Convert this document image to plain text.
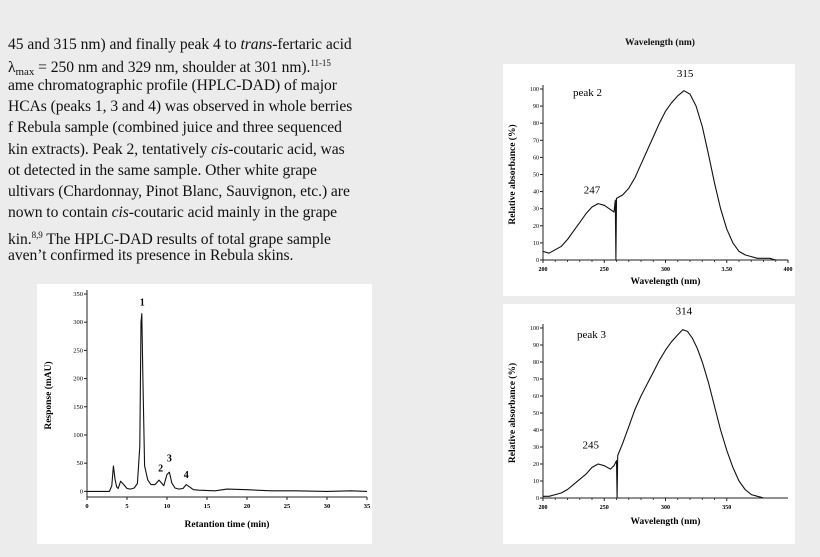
45 and 315 nm) and finally peak 4 to trans-fertaric acid
$\lambda_{max} = 250$ nm and 329 nm, shoulder at 301 nm).$^{11-15}$
ame chromatographic profile (HPLC-DAD) of major
HCAs (peaks 1, 3 and 4) was observed in whole berries
f Rebula sample (combined juice and three sequenced
kin extracts). Peak 2, tentatively cis-coutaric acid, was
ot detected in the same sample. Other white grape
ultivars (Chardonnay, Pinot Blanc, Sauvignon, etc.) are
nown to contain cis-coutaric acid mainly in the grape
kin.$^{8,9}$ The HPLC-DAD results of total grape sample
aven’t confirmed its presence in Rebula skins.
Wavelength (nm)
0
50
100
150
200
250
300
350
0	5	10	15	20	25	30	35
Retantion time (min)
Response (mAU)
1
2
3
4
0
10
20
30
40
50
60
70
80
90
100
200	250	300	3.50	400
Wavelength (nm)
Relative absorbance (%)
peak 2
315
247
0
10
20
30
40
50
60
70
80
90
100
200	250	300	350
Wavelength (nm)
Relative absorbance (%)
peak 3
314
245
